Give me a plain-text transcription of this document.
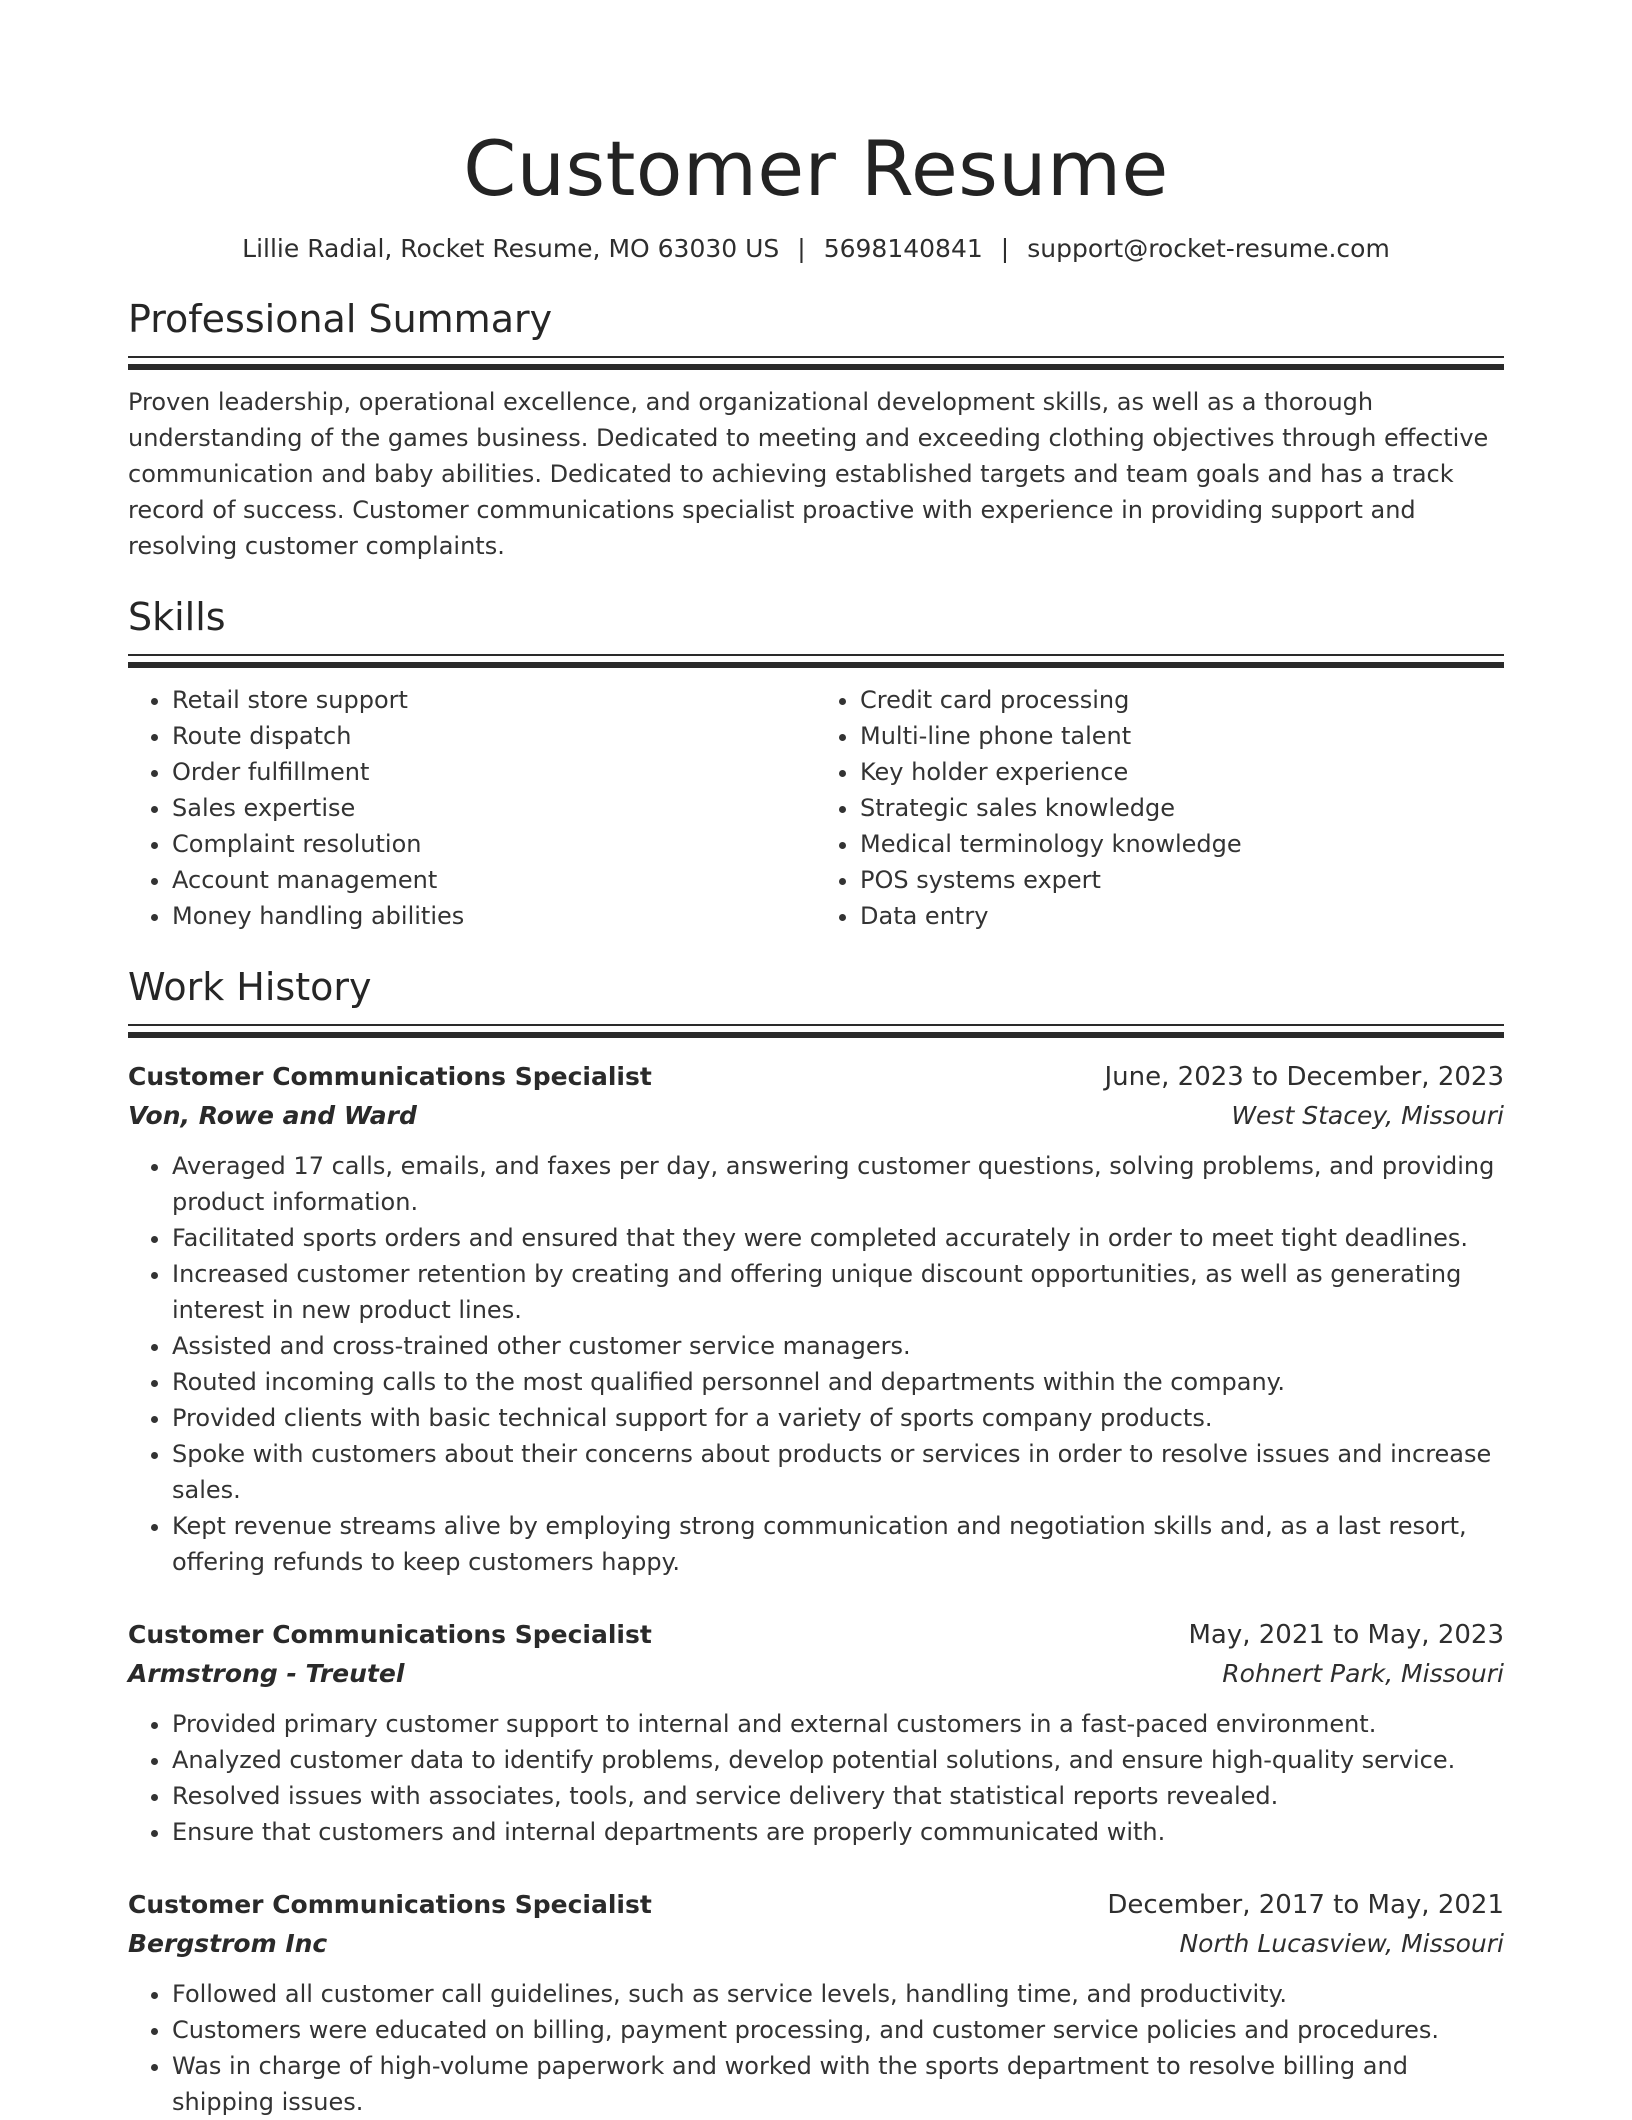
Customer Resume
Lillie Radial, Rocket Resume, MO 63030 US | 5698140841 | support@rocket-resume.com
Professional Summary

Proven leadership, operational excellence, and organizational development skills, as well as a thorough understanding of the games business. Dedicated to meeting and exceeding clothing objectives through effective communication and baby abilities. Dedicated to achieving established targets and team goals and has a track record of success. Customer communications specialist proactive with experience in providing support and resolving customer complaints.

Skills
• Retail store support
• Route dispatch
• Order fulfillment
• Sales expertise
• Complaint resolution
• Account management
• Money handling abilities
• Credit card processing
• Multi-line phone talent
• Key holder experience
• Strategic sales knowledge
• Medical terminology knowledge
• POS systems expert
• Data entry
Work History
Customer Communications Specialist	June, 2023 to December, 2023
Von, Rowe and Ward	West Stacey, Missouri
• Averaged 17 calls, emails, and faxes per day, answering customer questions, solving problems, and providing product information.
• Facilitated sports orders and ensured that they were completed accurately in order to meet tight deadlines.
• Increased customer retention by creating and offering unique discount opportunities, as well as generating interest in new product lines.
• Assisted and cross-trained other customer service managers.
• Routed incoming calls to the most qualified personnel and departments within the company.
• Provided clients with basic technical support for a variety of sports company products.
• Spoke with customers about their concerns about products or services in order to resolve issues and increase sales.
• Kept revenue streams alive by employing strong communication and negotiation skills and, as a last resort, offering refunds to keep customers happy.
Customer Communications Specialist	May, 2021 to May, 2023
Armstrong - Treutel	Rohnert Park, Missouri
• Provided primary customer support to internal and external customers in a fast-paced environment.
• Analyzed customer data to identify problems, develop potential solutions, and ensure high-quality service.
• Resolved issues with associates, tools, and service delivery that statistical reports revealed.
• Ensure that customers and internal departments are properly communicated with.
Customer Communications Specialist	December, 2017 to May, 2021
Bergstrom Inc	North Lucasview, Missouri
• Followed all customer call guidelines, such as service levels, handling time, and productivity.
• Customers were educated on billing, payment processing, and customer service policies and procedures.
• Was in charge of high-volume paperwork and worked with the sports department to resolve billing and shipping issues.
